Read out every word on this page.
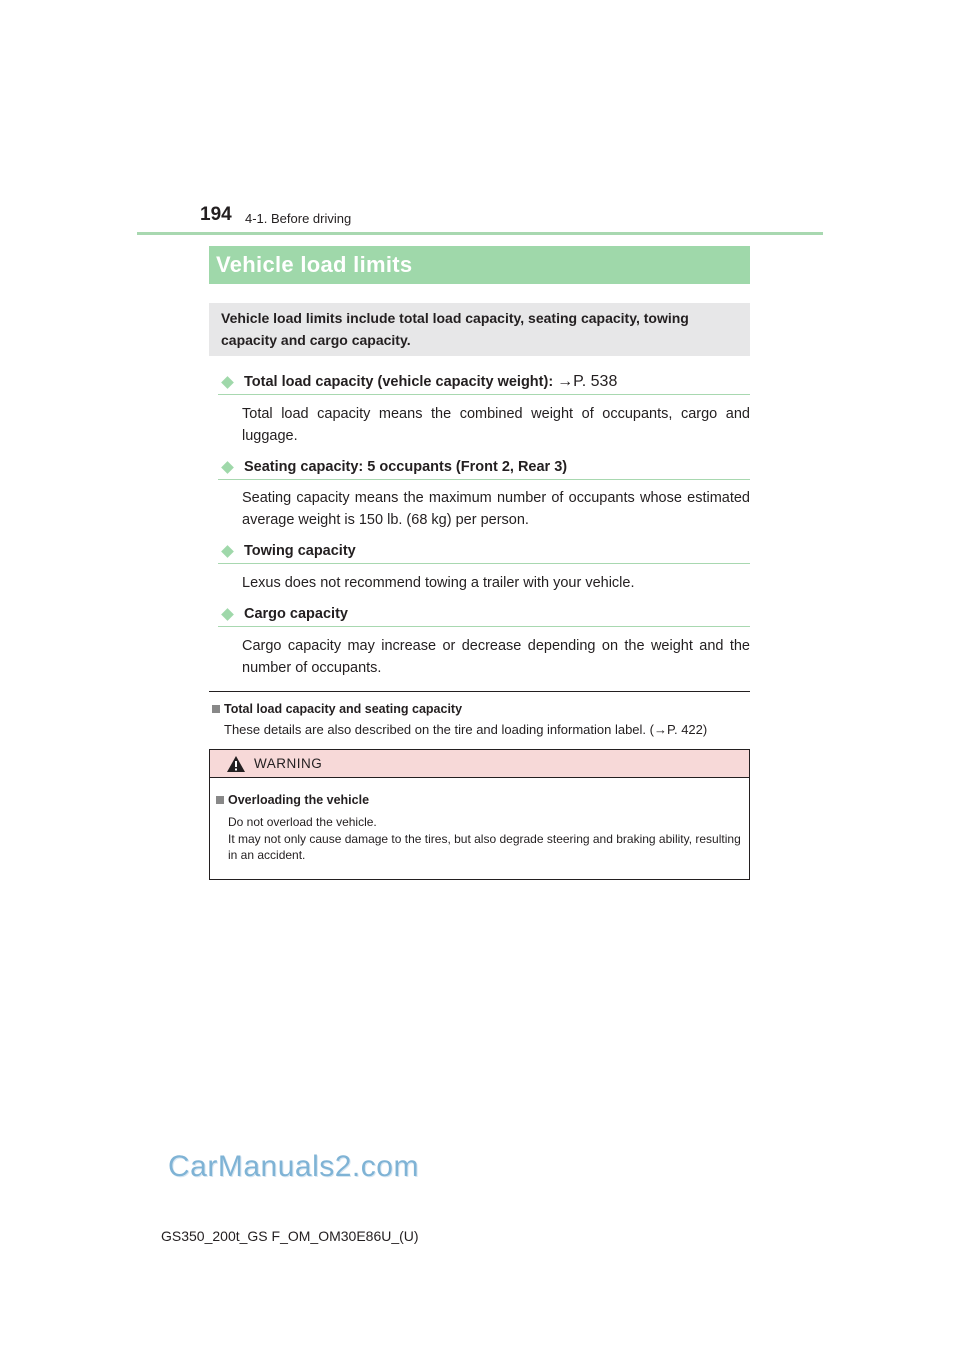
194 4-1. Before driving
Vehicle load limits
Vehicle load limits include total load capacity, seating capacity, towing capacity and cargo capacity.
Total load capacity (vehicle capacity weight): →P. 538
Total load capacity means the combined weight of occupants, cargo and luggage.
Seating capacity: 5 occupants (Front 2, Rear 3)
Seating capacity means the maximum number of occupants whose estimated average weight is 150 lb. (68 kg) per person.
Towing capacity
Lexus does not recommend towing a trailer with your vehicle.
Cargo capacity
Cargo capacity may increase or decrease depending on the weight and the number of occupants.
Total load capacity and seating capacity
These details are also described on the tire and loading information label. (→P. 422)
WARNING
Overloading the vehicle
Do not overload the vehicle.
It may not only cause damage to the tires, but also degrade steering and braking ability, resulting in an accident.
CarManuals2.com
GS350_200t_GS F_OM_OM30E86U_(U)
